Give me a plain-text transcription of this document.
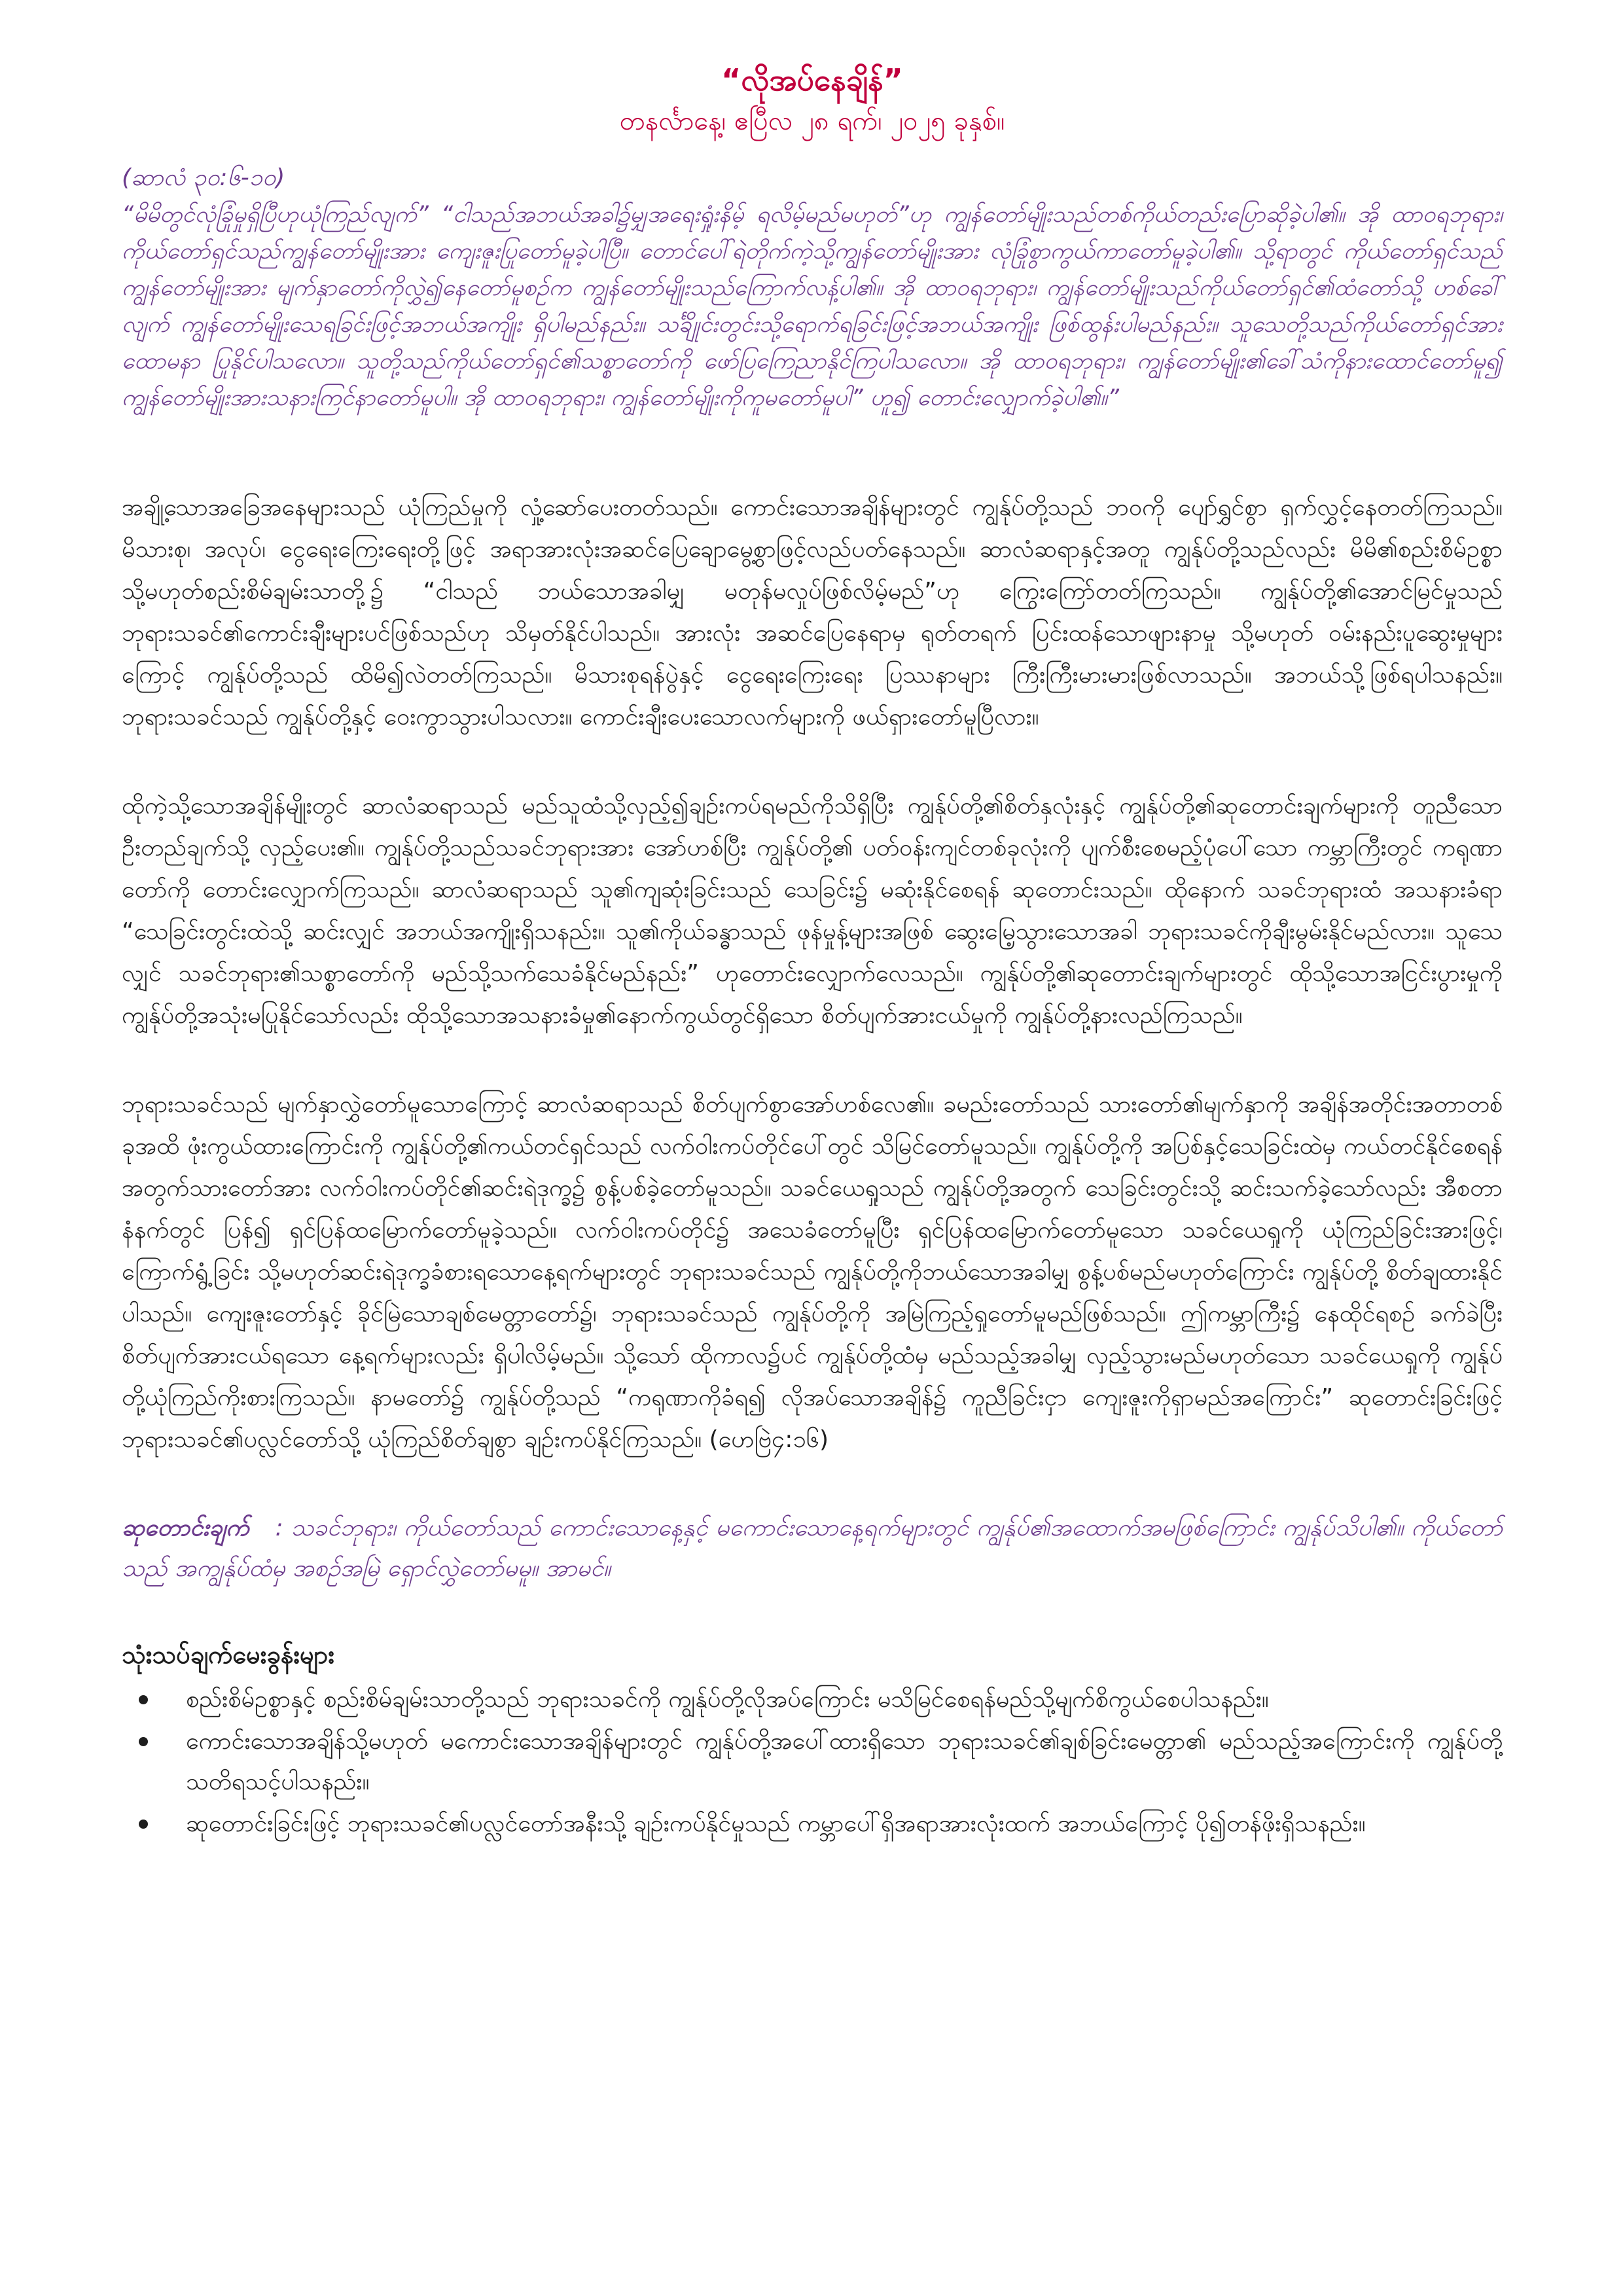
“လိုအပ်နေချိန်”

တနင်္လာနေ့၊ ဧပြီလ ၂၈ ရက်၊ ၂၀၂၅ ခုနှစ်။

(ဆာလံ ၃၀:၆-၁၀)

“မိမိတွင်လုံခြုံမှုရှိပြီဟုယုံကြည်လျက်” “ငါသည်အဘယ်အခါ၌မျှအရေးရှုံးနိမ့် ရလိမ့်မည်မဟုတ်”ဟု ကျွန်တော်မျိုးသည်တစ်ကိုယ်တည်းပြောဆိုခဲ့ပါ၏။ အို ထာဝရဘုရား၊ ကိုယ်တော်ရှင်သည်ကျွန်တော်မျိုးအား ကျေးဇူးပြုတော်မူခဲ့ပါပြီ။ တောင်ပေါ်ရဲတိုက်ကဲ့သို့ကျွန်တော်မျိုးအား လုံခြုံစွာကွယ်ကာတော်မူခဲ့ပါ၏။ သို့ရာတွင် ကိုယ်တော်ရှင်သည်ကျွန်တော်မျိုးအား မျက်နှာတော်ကိုလွှဲ၍နေတော်မူစဉ်က ကျွန်တော်မျိုးသည်ကြောက်လန့်ပါ၏။ အို ထာဝရဘုရား၊ ကျွန်တော်မျိုးသည်ကိုယ်တော်ရှင်၏ထံတော်သို့ ဟစ်ခေါ်လျက် ကျွန်တော်မျိုးသေရခြင်းဖြင့်အဘယ်အကျိုး ရှိပါမည်နည်း။ သင်္ချိုင်းတွင်းသို့ရောက်ရခြင်းဖြင့်အဘယ်အကျိုး ဖြစ်ထွန်းပါမည်နည်း။ သူသေတို့သည်ကိုယ်တော်ရှင်အားထောမနာ ပြုနိုင်ပါသလော။ သူတို့သည်ကိုယ်တော်ရှင်၏သစ္စာတော်ကို ဖော်ပြကြေညာနိုင်ကြပါသလော။ အို ထာဝရဘုရား၊ ကျွန်တော်မျိုး၏ခေါ်သံကိုနားထောင်တော်မူ၍ ကျွန်တော်မျိုးအားသနားကြင်နာတော်မူပါ။ အို ထာဝရဘုရား၊ ကျွန်တော်မျိုးကိုကူမတော်မူပါ” ဟူ၍ တောင်းလျှောက်ခဲ့ပါ၏။”

အချို့သောအခြေအနေများသည် ယုံကြည်မှုကို လှုံ့ဆော်ပေးတတ်သည်။ ကောင်းသောအချိန်များတွင် ကျွန်ုပ်တို့သည် ဘဝကို ပျော်ရွှင်စွာ ရှက်လွှင့်နေတတ်ကြသည်။ မိသားစု၊ အလုပ်၊ ငွေရေးကြေးရေးတို့ဖြင့် အရာအားလုံးအဆင်ပြေချောမွေ့စွာဖြင့်လည်ပတ်နေသည်။ ဆာလံဆရာနှင့်အတူ ကျွန်ုပ်တို့သည်လည်း မိမိ၏စည်းစိမ်ဥစ္စာ သို့မဟုတ်စည်းစိမ်ချမ်းသာတို့၌ “ငါသည် ဘယ်သောအခါမျှ မတုန်မလှုပ်ဖြစ်လိမ့်မည်”ဟု ကြွေးကြော်တတ်ကြသည်။ ကျွန်ုပ်တို့၏အောင်မြင်မှုသည် ဘုရားသခင်၏ကောင်းချီးများပင်ဖြစ်သည်ဟု သိမှတ်နိုင်ပါသည်။ အားလုံး အဆင်ပြေနေရာမှ ရုတ်တရက် ပြင်းထန်သောဖျားနာမှု သို့မဟုတ် ဝမ်းနည်းပူဆွေးမှုများကြောင့် ကျွန်ုပ်တို့သည် ထိမိ၍လဲတတ်ကြသည်။ မိသားစုရန်ပွဲနှင့် ငွေရေးကြေးရေး ပြဿနာများ ကြီးကြီးမားမားဖြစ်လာသည်။ အဘယ်သို့ဖြစ်ရပါသနည်း။ ဘုရားသခင်သည် ကျွန်ုပ်တို့နှင့် ဝေးကွာသွားပါသလား။ ကောင်းချီးပေးသောလက်များကို ဖယ်ရှားတော်မူပြီလား။

ထိုကဲ့သို့သောအချိန်မျိုးတွင် ဆာလံဆရာသည် မည်သူထံသို့လှည့်၍ချဉ်းကပ်ရမည်ကိုသိရှိပြီး ကျွန်ုပ်တို့၏စိတ်နှလုံးနှင့် ကျွန်ုပ်တို့၏ဆုတောင်းချက်များကို တူညီသောဦးတည်ချက်သို့ လှည့်ပေး၏။ ကျွန်ုပ်တို့သည်သခင်ဘုရားအား အော်ဟစ်ပြီး ကျွန်ုပ်တို့၏ ပတ်ဝန်းကျင်တစ်ခုလုံးကို ပျက်စီးစေမည့်ပုံပေါ်သော ကမ္ဘာကြီးတွင် ကရုဏာတော်ကို တောင်းလျှောက်ကြသည်။ ဆာလံဆရာသည် သူ၏ကျဆုံးခြင်းသည် သေခြင်း၌ မဆုံးနိုင်စေရန် ဆုတောင်းသည်။ ထိုနောက် သခင်ဘုရားထံ အသနားခံရာ “သေခြင်းတွင်းထဲသို့ ဆင်းလျှင် အဘယ်အကျိုးရှိသနည်း။ သူ၏ကိုယ်ခန္ဓာသည် ဖုန်မှုန့်များအဖြစ် ဆွေးမြေ့သွားသောအခါ ဘုရားသခင်ကိုချီးမွမ်းနိုင်မည်လား။ သူသေလျှင် သခင်ဘုရား၏သစ္စာတော်ကို မည်သို့သက်သေခံနိုင်မည်နည်း” ဟုတောင်းလျှောက်လေသည်။ ကျွန်ုပ်တို့၏ဆုတောင်းချက်များတွင် ထိုသို့သောအငြင်းပွားမှုကို ကျွန်ုပ်တို့အသုံးမပြုနိုင်သော်လည်း ထိုသို့သောအသနားခံမှု၏နောက်ကွယ်တွင်ရှိသော စိတ်ပျက်အားငယ်မှုကို ကျွန်ုပ်တို့နားလည်ကြသည်။

ဘုရားသခင်သည် မျက်နှာလွှဲတော်မူသောကြောင့် ဆာလံဆရာသည် စိတ်ပျက်စွာအော်ဟစ်လေ၏။ ခမည်းတော်သည် သားတော်၏မျက်နှာကို အချိန်အတိုင်းအတာတစ်ခုအထိ ဖုံးကွယ်ထားကြောင်းကို ကျွန်ုပ်တို့၏ကယ်တင်ရှင်သည် လက်ဝါးကပ်တိုင်ပေါ်တွင် သိမြင်တော်မူသည်။ ကျွန်ုပ်တို့ကို အပြစ်နှင့်သေခြင်းထဲမှ ကယ်တင်နိုင်စေရန်အတွက်သားတော်အား လက်ဝါးကပ်တိုင်၏ဆင်းရဲဒုက္ခ၌ စွန့်ပစ်ခဲ့တော်မူသည်။ သခင်ယေရှုသည် ကျွန်ုပ်တို့အတွက် သေခြင်းတွင်းသို့ ဆင်းသက်ခဲ့သော်လည်း အီစတာနံနက်တွင် ပြန်၍ ရှင်ပြန်ထမြောက်တော်မူခဲ့သည်။ လက်ဝါးကပ်တိုင်၌ အသေခံတော်မူပြီး ရှင်ပြန်ထမြောက်တော်မူသော သခင်ယေရှုကို ယုံကြည်ခြင်းအားဖြင့်၊ ကြောက်ရွံ့ခြင်း သို့မဟုတ်ဆင်းရဲဒုက္ခခံစားရသောနေ့ရက်များတွင် ဘုရားသခင်သည် ကျွန်ုပ်တို့ကိုဘယ်သောအခါမျှ စွန့်ပစ်မည်မဟုတ်ကြောင်း ကျွန်ုပ်တို့ စိတ်ချထားနိုင်ပါသည်။ ကျေးဇူးတော်နှင့် ခိုင်မြဲသောချစ်မေတ္တာတော်၌၊ ဘုရားသခင်သည် ကျွန်ုပ်တို့ကို အမြဲကြည့်ရှုတော်မူမည်ဖြစ်သည်။ ဤကမ္ဘာကြီး၌ နေထိုင်ရစဉ် ခက်ခဲပြီး စိတ်ပျက်အားငယ်ရသော နေ့ရက်များလည်း ရှိပါလိမ့်မည်။ သို့သော် ထိုကာလ၌ပင် ကျွန်ုပ်တို့ထံမှ မည်သည့်အခါမျှ လှည့်သွားမည်မဟုတ်သော သခင်ယေရှုကို ကျွန်ုပ်တို့ယုံကြည်ကိုးစားကြသည်။ နာမတော်၌ ကျွန်ုပ်တို့သည် “ကရုဏာကိုခံရ၍ လိုအပ်သောအချိန်၌ ကူညီခြင်းငှာ ကျေးဇူးကိုရှာမည်အကြောင်း” ဆုတောင်းခြင်းဖြင့် ဘုရားသခင်၏ပလ္လင်တော်သို့ ယုံကြည်စိတ်ချစွာ ချဉ်းကပ်နိုင်ကြသည်။ (ဟေဗြဲ၄:၁၆)

ဆုတောင်းချက် : သခင်ဘုရား၊ ကိုယ်တော်သည် ကောင်းသောနေ့နှင့် မကောင်းသောနေ့ရက်များတွင် ကျွန်ုပ်၏အထောက်အမဖြစ်ကြောင်း ကျွန်ုပ်သိပါ၏။ ကိုယ်တော်သည် အကျွန်ုပ်ထံမှ အစဉ်အမြဲ ရှောင်လွှဲတော်မမူ။ အာမင်။

သုံးသပ်ချက်မေးခွန်းများ

စည်းစိမ်ဥစ္စာနှင့် စည်းစိမ်ချမ်းသာတို့သည် ဘုရားသခင်ကို ကျွန်ုပ်တို့လိုအပ်ကြောင်း မသိမြင်စေရန်မည်သို့မျက်စိကွယ်စေပါသနည်း။
ကောင်းသောအချိန်သို့မဟုတ် မကောင်းသောအချိန်များတွင် ကျွန်ုပ်တို့အပေါ်ထားရှိသော ဘုရားသခင်၏ချစ်ခြင်းမေတ္တာ၏ မည်သည့်အကြောင်းကို ကျွန်ုပ်တို့ သတိရသင့်ပါသနည်း။
ဆုတောင်းခြင်းဖြင့် ဘုရားသခင်၏ပလ္လင်တော်အနီးသို့ ချဉ်းကပ်နိုင်မှုသည် ကမ္ဘာပေါ်ရှိအရာအားလုံးထက် အဘယ်ကြောင့် ပို၍တန်ဖိုးရှိသနည်း။
